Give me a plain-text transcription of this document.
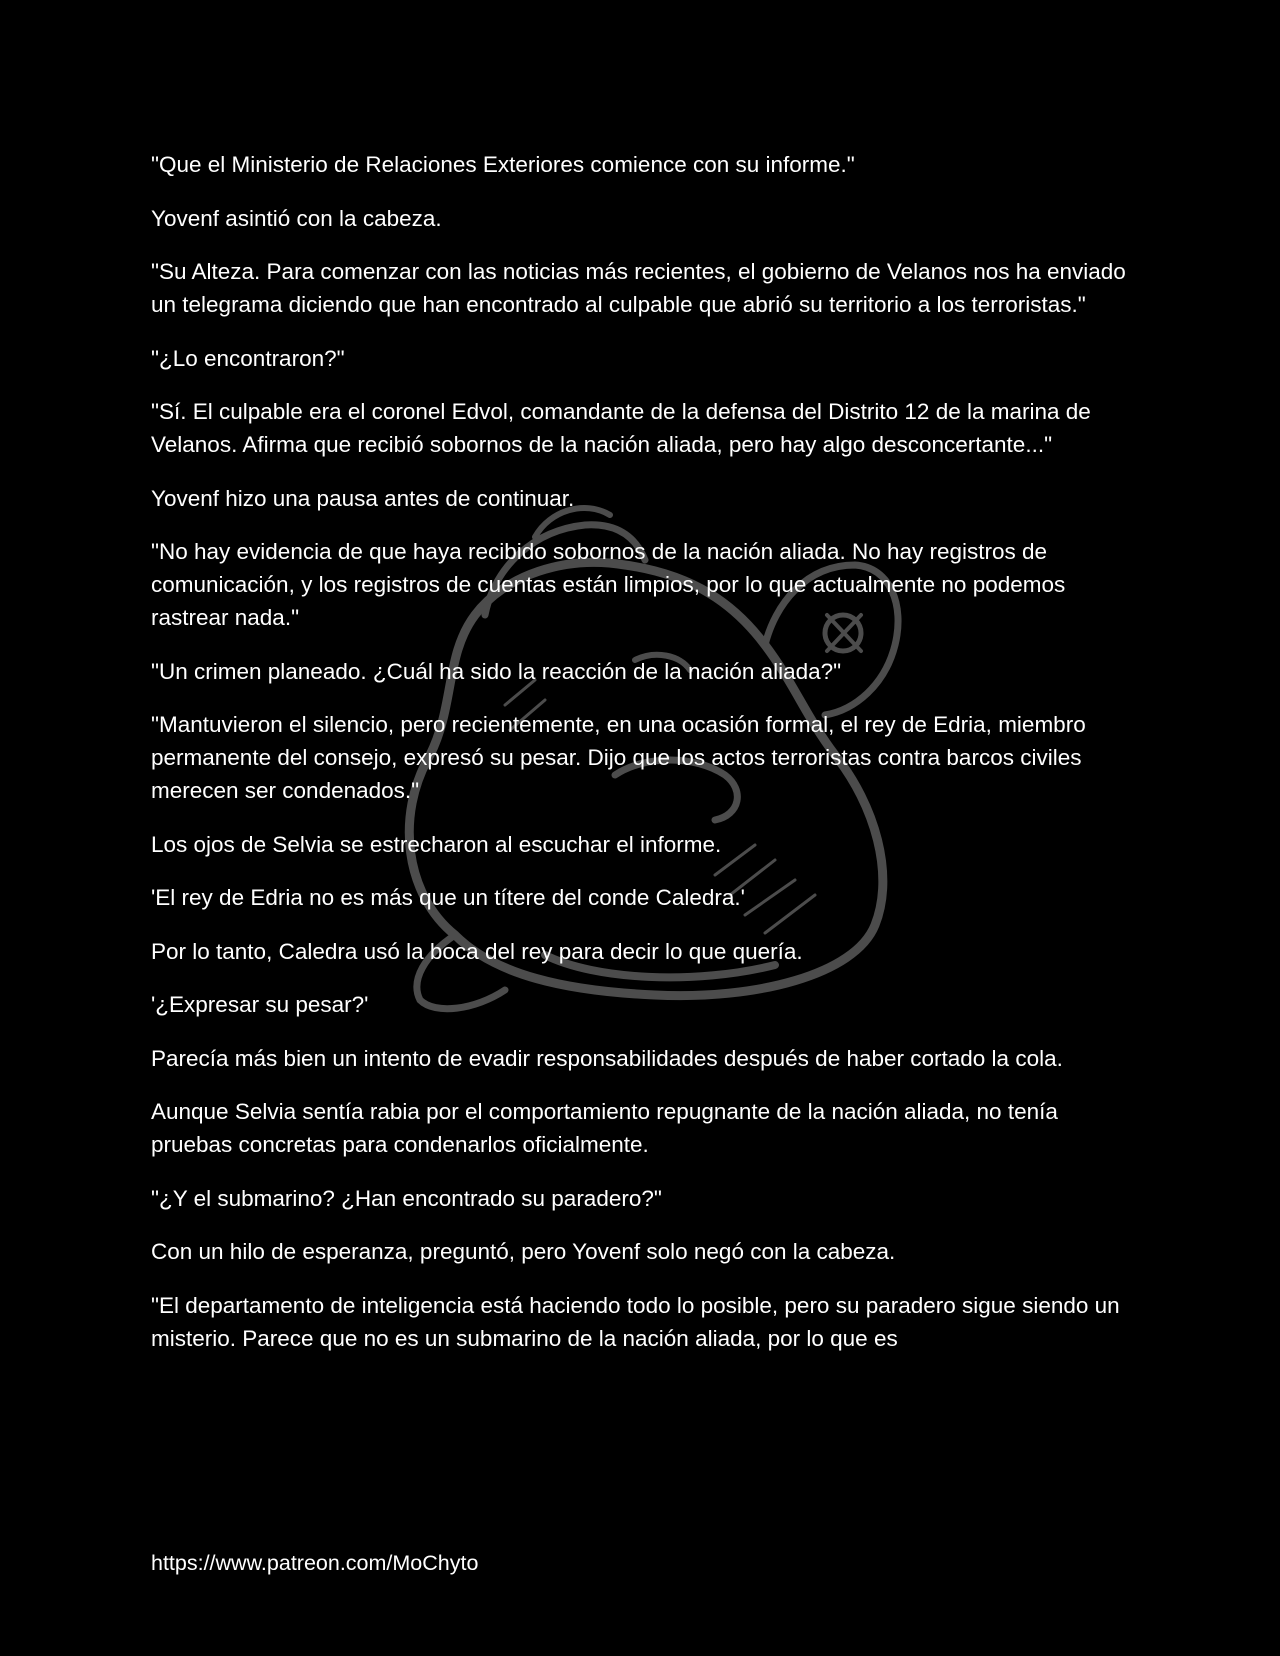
"Que el Ministerio de Relaciones Exteriores comience con su informe."

Yovenf asintió con la cabeza.

"Su Alteza. Para comenzar con las noticias más recientes, el gobierno de Velanos nos ha enviado un telegrama diciendo que han encontrado al culpable que abrió su territorio a los terroristas."

"¿Lo encontraron?"

"Sí. El culpable era el coronel Edvol, comandante de la defensa del Distrito 12 de la marina de Velanos. Afirma que recibió sobornos de la nación aliada, pero hay algo desconcertante..."

Yovenf hizo una pausa antes de continuar.

"No hay evidencia de que haya recibido sobornos de la nación aliada. No hay registros de comunicación, y los registros de cuentas están limpios, por lo que actualmente no podemos rastrear nada."

"Un crimen planeado. ¿Cuál ha sido la reacción de la nación aliada?"

"Mantuvieron el silencio, pero recientemente, en una ocasión formal, el rey de Edria, miembro permanente del consejo, expresó su pesar. Dijo que los actos terroristas contra barcos civiles merecen ser condenados."

Los ojos de Selvia se estrecharon al escuchar el informe.

'El rey de Edria no es más que un títere del conde Caledra.'

Por lo tanto, Caledra usó la boca del rey para decir lo que quería.

'¿Expresar su pesar?'

Parecía más bien un intento de evadir responsabilidades después de haber cortado la cola.

Aunque Selvia sentía rabia por el comportamiento repugnante de la nación aliada, no tenía pruebas concretas para condenarlos oficialmente.

"¿Y el submarino? ¿Han encontrado su paradero?"

Con un hilo de esperanza, preguntó, pero Yovenf solo negó con la cabeza.

"El departamento de inteligencia está haciendo todo lo posible, pero su paradero sigue siendo un misterio. Parece que no es un submarino de la nación aliada, por lo que es

https://www.patreon.com/MoChyto
